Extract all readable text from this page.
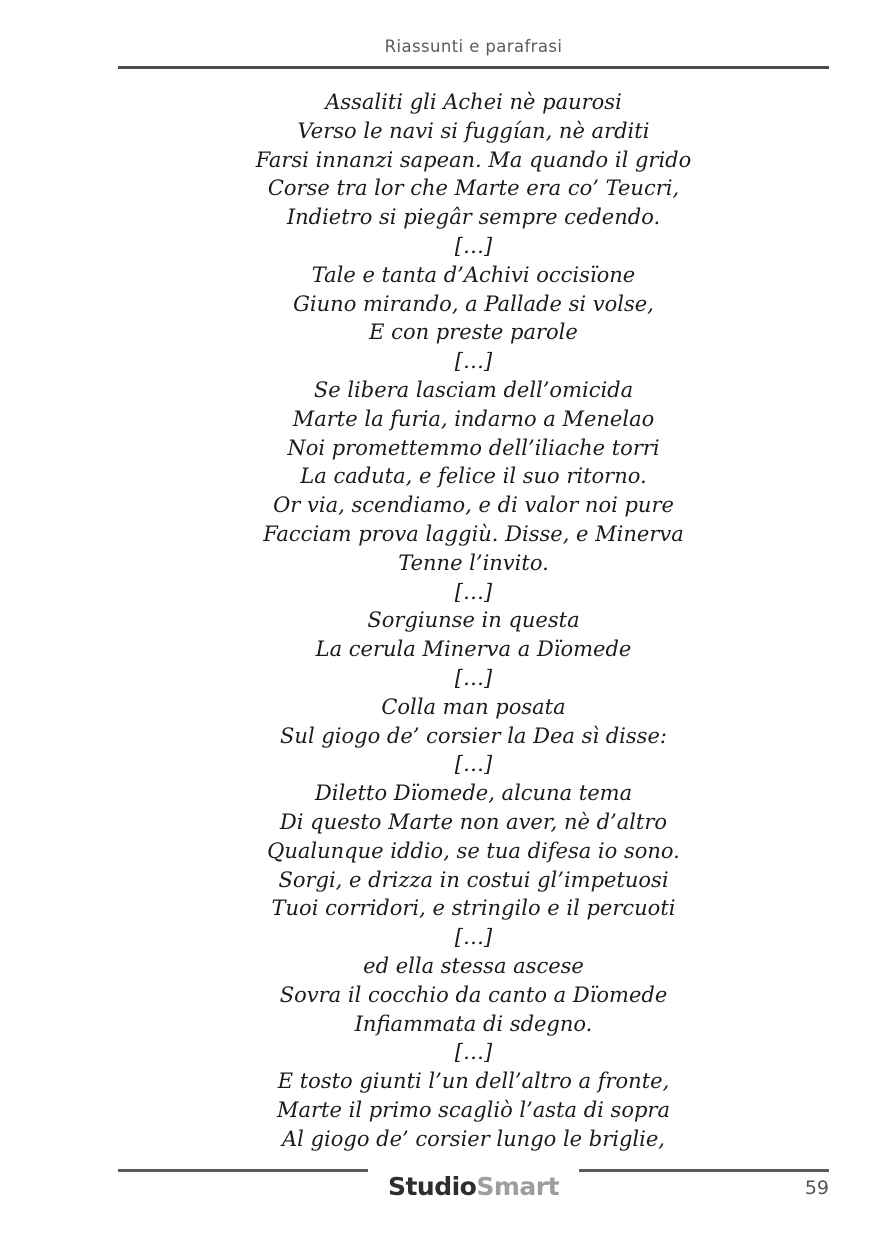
Riassunti e parafrasi
Assaliti gli Achei nè paurosi
Verso le navi si fuggían, nè arditi
Farsi innanzi sapean. Ma quando il grido
Corse tra lor che Marte era co’ Teucri,
Indietro si piegâr sempre cedendo.
[…]
Tale e tanta d’Achivi occisïone
Giuno mirando, a Pallade si volse,
E con preste parole
[…]
Se libera lasciam dell’omicida
Marte la furia, indarno a Menelao
Noi promettemmo dell’iliache torri
La caduta, e felice il suo ritorno.
Or via, scendiamo, e di valor noi pure
Facciam prova laggiù. Disse, e Minerva
Tenne l’invito.
[…]
Sorgiunse in questa
La cerula Minerva a Dïomede
[…]
Colla man posata
Sul giogo de’ corsier la Dea sì disse:
[…]
Diletto Dïomede, alcuna tema
Di questo Marte non aver, nè d’altro
Qualunque iddio, se tua difesa io sono.
Sorgi, e drizza in costui gl’impetuosi
Tuoi corridori, e stringilo e il percuoti
[…]
ed ella stessa ascese
Sovra il cocchio da canto a Dïomede
Infiammata di sdegno.
[…]
E tosto giunti l’un dell’altro a fronte,
Marte il primo scagliò l’asta di sopra
Al giogo de’ corsier lungo le briglie,
StudioSmart	59
